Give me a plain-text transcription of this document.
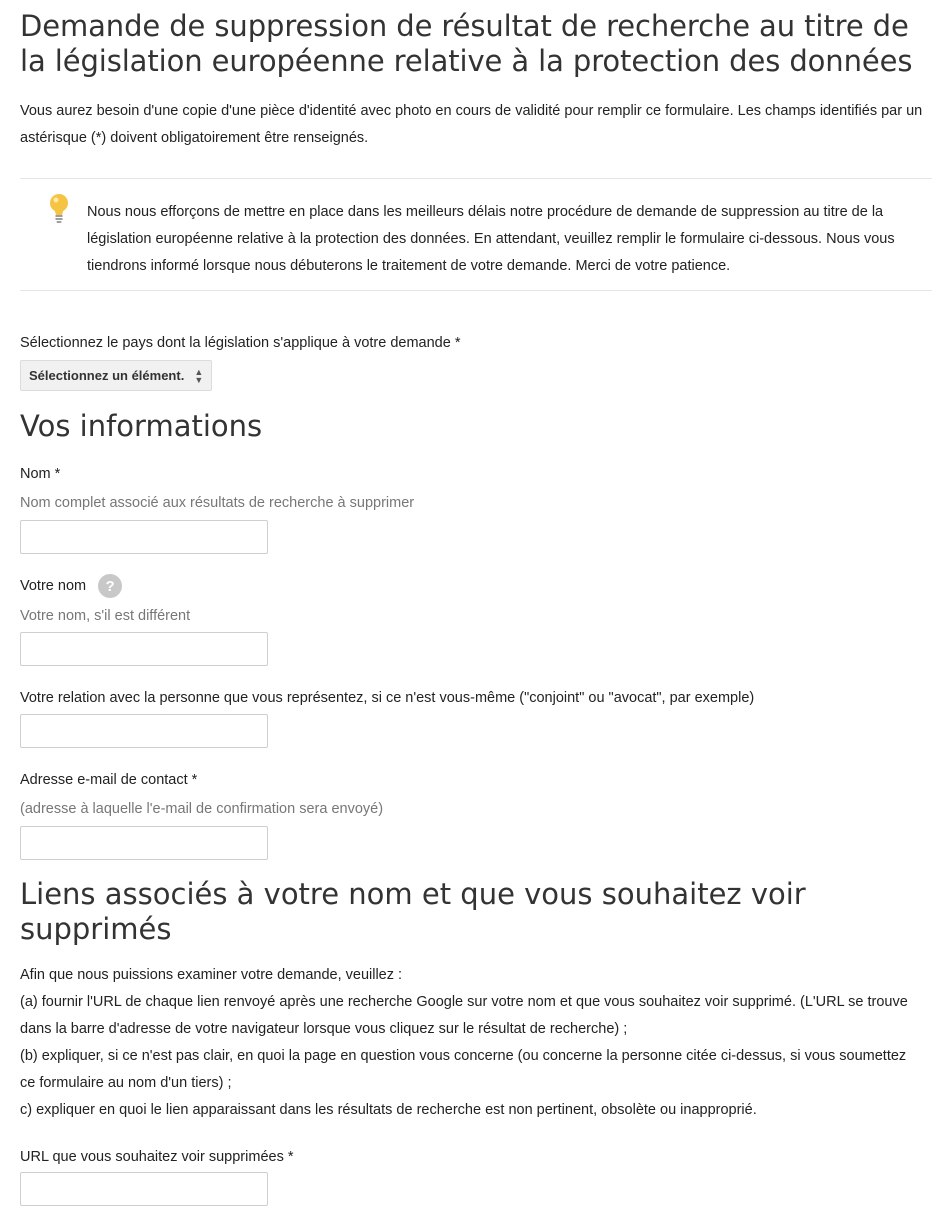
Demande de suppression de résultat de recherche au titre de la législation européenne relative à la protection des données
Vous aurez besoin d'une copie d'une pièce d'identité avec photo en cours de validité pour remplir ce formulaire. Les champs identifiés par un astérisque (*) doivent obligatoirement être renseignés.
Nous nous efforçons de mettre en place dans les meilleurs délais notre procédure de demande de suppression au titre de la législation européenne relative à la protection des données. En attendant, veuillez remplir le formulaire ci-dessous. Nous vous tiendrons informé lorsque nous débuterons le traitement de votre demande. Merci de votre patience.
Sélectionnez le pays dont la législation s'applique à votre demande *
Sélectionnez un élément. ▲
▼
Vos informations
Nom *
Nom complet associé aux résultats de recherche à supprimer
Votre nom ?
Votre nom, s'il est différent
Votre relation avec la personne que vous représentez, si ce n'est vous-même ("conjoint" ou "avocat", par exemple)
Adresse e-mail de contact *
(adresse à laquelle l'e-mail de confirmation sera envoyé)
Liens associés à votre nom et que vous souhaitez voir supprimés
Afin que nous puissions examiner votre demande, veuillez :
(a) fournir l'URL de chaque lien renvoyé après une recherche Google sur votre nom et que vous souhaitez voir supprimé. (L'URL se trouve dans la barre d'adresse de votre navigateur lorsque vous cliquez sur le résultat de recherche) ;
(b) expliquer, si ce n'est pas clair, en quoi la page en question vous concerne (ou concerne la personne citée ci-dessus, si vous soumettez ce formulaire au nom d'un tiers) ;
c) expliquer en quoi le lien apparaissant dans les résultats de recherche est non pertinent, obsolète ou inapproprié.
URL que vous souhaitez voir supprimées *
